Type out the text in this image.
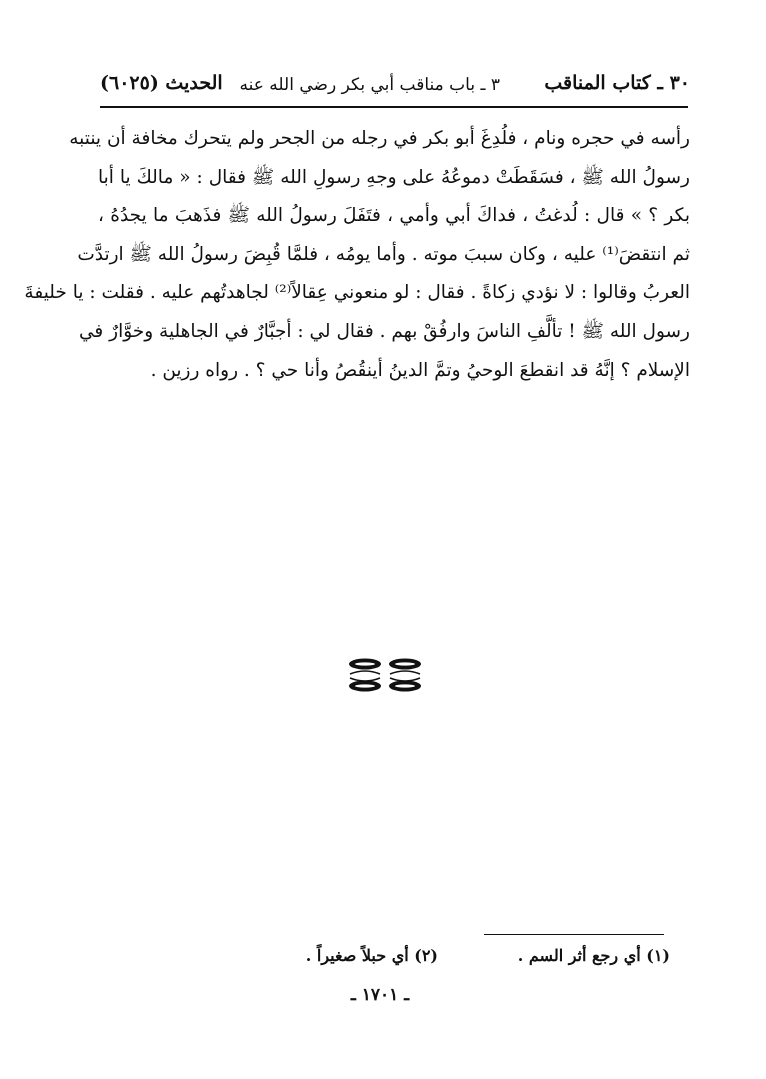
٣٠ ـ كتاب المناقب
٣ ـ باب مناقب أبي بكر رضي الله عنه
الحديث (٦٠٢٥)
رأسه في حجره ونام ، فلُدِغَ أبو بكر في رجله من الجحر ولم يتحرك مخافة أن ينتبه
رسولُ الله ﷺ ، فسَقَطَتْ دموعُهُ على وجهِ رسولِ الله ﷺ فقال : « مالكَ يا أبا
بكر ؟ » قال : لُدغتُ ، فداكَ أبي وأمي ، فتَفَلَ رسولُ الله ﷺ فذَهبَ ما يجدُهُ ،
ثم انتقضَ⁽¹⁾ عليه ، وكان سببَ موته . وأما يومُه ، فلمَّا قُبِضَ رسولُ الله ﷺ ارتدَّت
العربُ وقالوا : لا نؤدي زكاةً . فقال : لو منعوني عِقالاً⁽²⁾ لجاهدتُهم عليه . فقلت : يا خليفةَ
رسول الله ﷺ ! تألَّفِ الناسَ وارفُقْ بهم . فقال لي : أجبَّارٌ في الجاهلية وخوَّارٌ في
الإسلام ؟ إنَّهُ قد انقطعَ الوحيُ وتمَّ الدينُ أينقُصُ وأنا حي ؟ . رواه رزين .
(١) أي رجع أثر السم .
(٢) أي حبلاً صغيراً .
ـ ١٧٠١ ـ
